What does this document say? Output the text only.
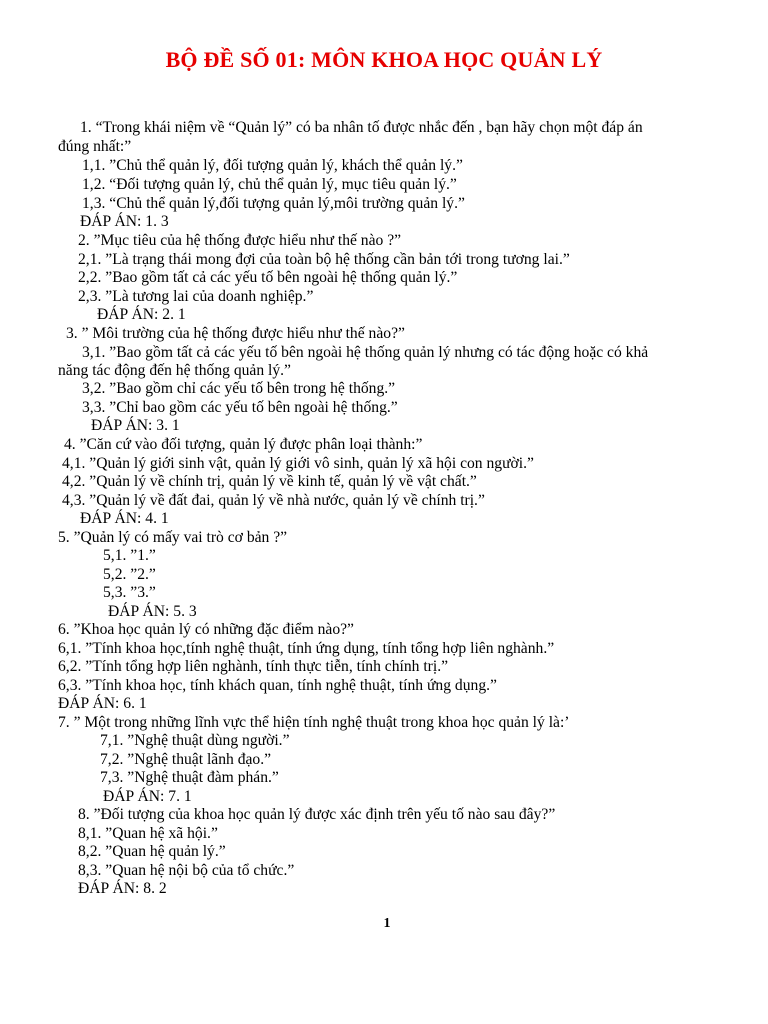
BỘ ĐỀ SỐ 01: MÔN KHOA HỌC QUẢN LÝ
1. “Trong khái niệm về “Quản lý” có ba nhân tố được nhắc đến , bạn hãy chọn một đáp án
đúng nhất:”
1,1. ”Chủ thể quản lý, đối tượng quản lý, khách thể quản lý.”
1,2. “Đối tượng quản lý, chủ thể quản lý, mục tiêu quản lý.”
1,3. “Chủ thể quản lý,đối tượng quản lý,môi trường quản lý.”
ĐÁP ÁN: 1. 3
2. ”Mục tiêu của hệ thống được hiểu như thế nào ?”
2,1. ”Là trạng thái mong đợi của toàn bộ hệ thống cần bản tới trong tương lai.”
2,2. ”Bao gồm tất cả các yếu tố bên ngoài hệ thống quản lý.”
2,3. ”Là tương lai của doanh nghiệp.”
ĐÁP ÁN: 2. 1
3. ” Môi trường của hệ thống được hiểu như thế nào?”
3,1. ”Bao gồm tất cả các yếu tố bên ngoài hệ thống quản lý nhưng có tác động hoặc có khả
năng tác động đến hệ thống quản lý.”
3,2. ”Bao gồm chỉ các yếu tố bên trong hệ thống.”
3,3. ”Chỉ bao gồm các yếu tố bên ngoài hệ thống.”
ĐÁP ÁN: 3. 1
4. ”Căn cứ vào đối tượng, quản lý được phân loại thành:”
4,1. ”Quản lý giới sinh vật, quản lý giới vô sinh, quản lý xã hội con người.”
4,2. ”Quản lý về chính trị, quản lý về kinh tế, quản lý về vật chất.”
4,3. ”Quản lý về đất đai, quản lý về nhà nước, quản lý về chính trị.”
ĐÁP ÁN: 4. 1
5. ”Quản lý có mấy vai trò cơ bản ?”
5,1. ”1.”
5,2. ”2.”
5,3. ”3.”
ĐÁP ÁN: 5. 3
6. ”Khoa học quản lý có những đặc điểm nào?”
6,1. ”Tính khoa học,tính nghệ thuật, tính ứng dụng, tính tổng hợp liên nghành.”
6,2. ”Tính tổng hợp liên nghành, tính thực tiễn, tính chính trị.”
6,3. ”Tính khoa học, tính khách quan, tính nghệ thuật, tính ứng dụng.”
ĐÁP ÁN: 6. 1
7. ” Một trong những lĩnh vực thể hiện tính nghệ thuật trong khoa học quản lý là:’
7,1. ”Nghệ thuật dùng người.”
7,2. ”Nghệ thuật lãnh đạo.”
7,3. ”Nghệ thuật đàm phán.”
ĐÁP ÁN: 7. 1
8. ”Đối tượng của khoa học quản lý được xác định trên yếu tố nào sau đây?”
8,1. ”Quan hệ xã hội.”
8,2. ”Quan hệ quản lý.”
8,3. ”Quan hệ nội bộ của tổ chức.”
ĐÁP ÁN: 8. 2
1
